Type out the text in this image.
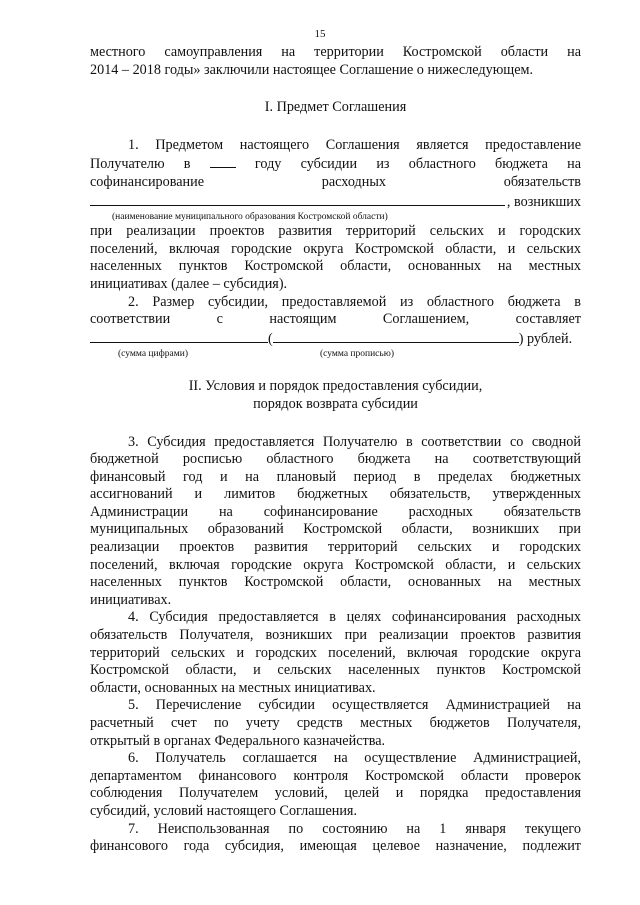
15
местного самоуправления на территории Костромской области на
2014 – 2018 годы» заключили настоящее Соглашение о нижеследующем.
I. Предмет Соглашения
1. Предметом настоящего Соглашения является предоставление
Получателю в	году субсидии из областного бюджета на
софинансирование расходных обязательств
, возникших
(наименование муниципального образования Костромской области)
при реализации проектов развития территорий сельских и городских
поселений, включая городские округа Костромской области, и сельских
населенных пунктов Костромской области, основанных на местных
инициативах (далее – субсидия).
2. Размер субсидии, предоставляемой из областного бюджета в
соответствии с настоящим Соглашением, составляет
(	) рублей.
(сумма цифрами)	(сумма прописью)
II. Условия и порядок предоставления субсидии,
порядок возврата субсидии
3. Субсидия предоставляется Получателю в соответствии со сводной
бюджетной росписью областного бюджета на соответствующий
финансовый год и на плановый период в пределах бюджетных
ассигнований и лимитов бюджетных обязательств, утвержденных
Администрации на софинансирование расходных обязательств
муниципальных образований Костромской области, возникших при
реализации проектов развития территорий сельских и городских
поселений, включая городские округа Костромской области, и сельских
населенных пунктов Костромской области, основанных на местных
инициативах.
4. Субсидия предоставляется в целях софинансирования расходных
обязательств Получателя, возникших при реализации проектов развития
территорий сельских и городских поселений, включая городские округа
Костромской области, и сельских населенных пунктов Костромской
области, основанных на местных инициативах.
5. Перечисление субсидии осуществляется Администрацией на
расчетный счет по учету средств местных бюджетов Получателя,
открытый в органах Федерального казначейства.
6. Получатель соглашается на осуществление Администрацией,
департаментом финансового контроля Костромской области проверок
соблюдения Получателем условий, целей и порядка предоставления
субсидий, условий настоящего Соглашения.
7. Неиспользованная по состоянию на 1 января текущего
финансового года субсидия, имеющая целевое назначение, подлежит
